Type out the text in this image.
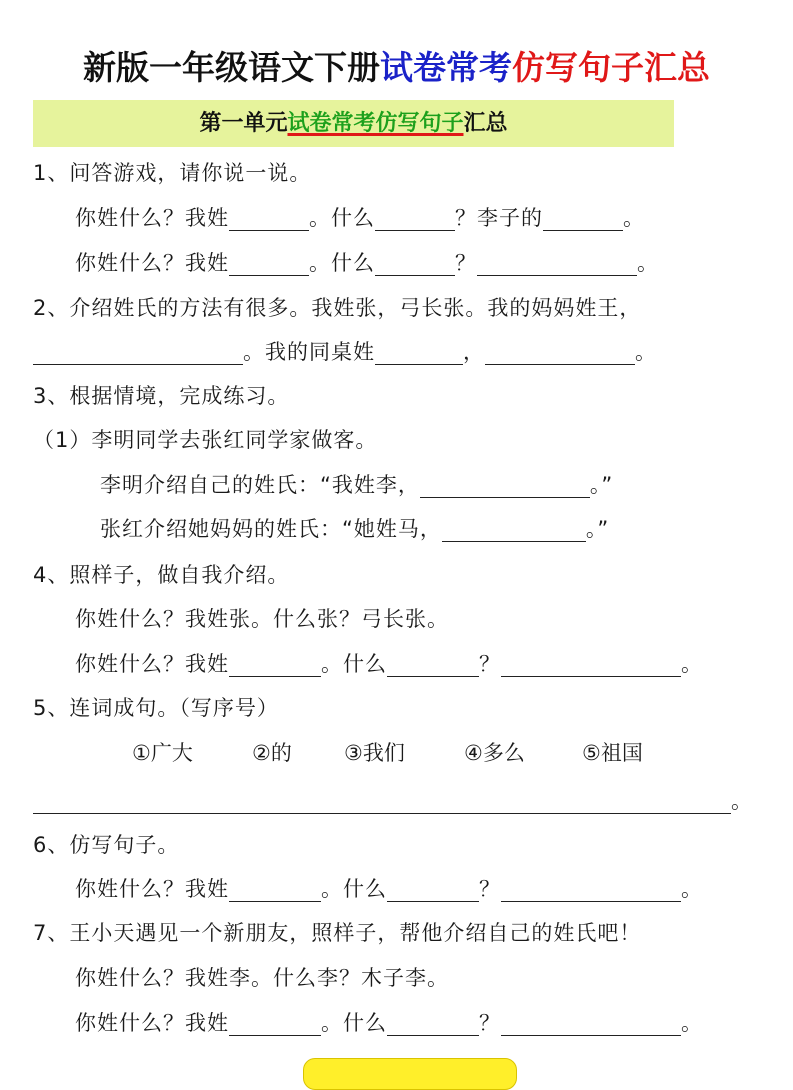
新版一年级语文下册试卷常考仿写句子汇总
第一单元试卷常考仿写句子汇总
1、问答游戏，请你说一说。
你姓什么？我姓	。什么	？李子的	。
你姓什么？我姓	。什么	？	。
2、介绍姓氏的方法有很多。我姓张，弓长张。我的妈妈姓王，
。我的同桌姓	，	。
3、根据情境，完成练习。
（1）李明同学去张红同学家做客。
李明介绍自己的姓氏：“我姓李，	。”
张红介绍她妈妈的姓氏：“她姓马，	。”
4、照样子，做自我介绍。
你姓什么？我姓张。什么张？弓长张。
你姓什么？我姓	。什么	？	。
5、连词成句。（写序号）
①广大	②的 ③我们	④多么	⑤祖国
。
6、仿写句子。
你姓什么？我姓	。什么	？	。
7、王小天遇见一个新朋友，照样子，帮他介绍自己的姓氏吧！
你姓什么？我姓李。什么李？木子李。
你姓什么？我姓	。什么	？	。
